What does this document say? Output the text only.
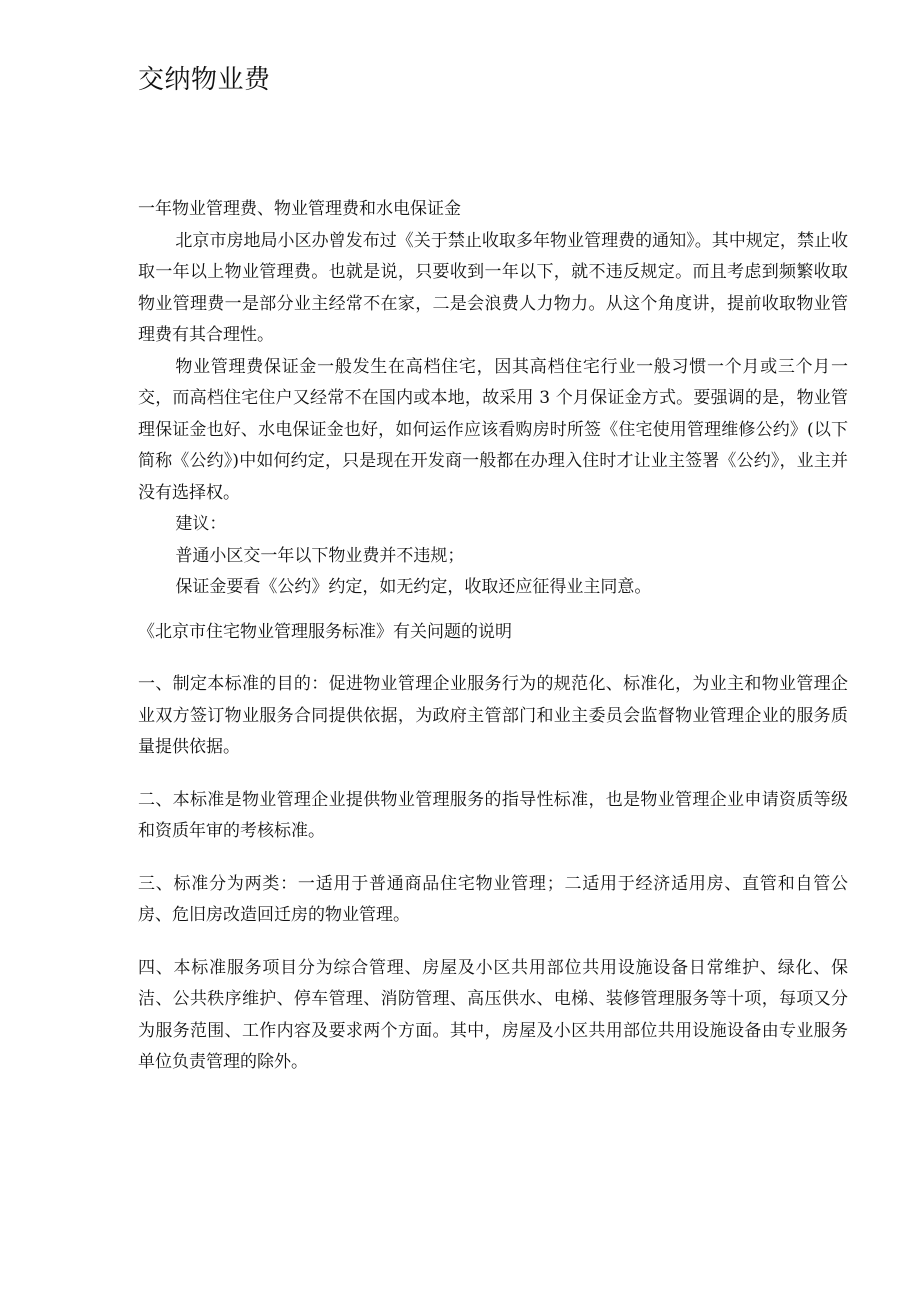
交纳物业费

一年物业管理费、物业管理费和水电保证金

北京市房地局小区办曾发布过《关于禁止收取多年物业管理费的通知》。其中规定，禁止收取一年以上物业管理费。也就是说，只要收到一年以下，就不违反规定。而且考虑到频繁收取物业管理费一是部分业主经常不在家，二是会浪费人力物力。从这个角度讲，提前收取物业管理费有其合理性。

物业管理费保证金一般发生在高档住宅，因其高档住宅行业一般习惯一个月或三个月一交，而高档住宅住户又经常不在国内或本地，故采用 3 个月保证金方式。要强调的是，物业管理保证金也好、水电保证金也好，如何运作应该看购房时所签《住宅使用管理维修公约》(以下简称《公约》)中如何约定，只是现在开发商一般都在办理入住时才让业主签署《公约》，业主并没有选择权。

建议：

普通小区交一年以下物业费并不违规；

保证金要看《公约》约定，如无约定，收取还应征得业主同意。

《北京市住宅物业管理服务标准》有关问题的说明

一、制定本标准的目的：促进物业管理企业服务行为的规范化、标准化，为业主和物业管理企业双方签订物业服务合同提供依据，为政府主管部门和业主委员会监督物业管理企业的服务质量提供依据。

二、本标准是物业管理企业提供物业管理服务的指导性标准，也是物业管理企业申请资质等级和资质年审的考核标准。

三、标准分为两类：一适用于普通商品住宅物业管理；二适用于经济适用房、直管和自管公房、危旧房改造回迁房的物业管理。

四、本标准服务项目分为综合管理、房屋及小区共用部位共用设施设备日常维护、绿化、保洁、公共秩序维护、停车管理、消防管理、高压供水、电梯、装修管理服务等十项，每项又分为服务范围、工作内容及要求两个方面。其中，房屋及小区共用部位共用设施设备由专业服务单位负责管理的除外。
